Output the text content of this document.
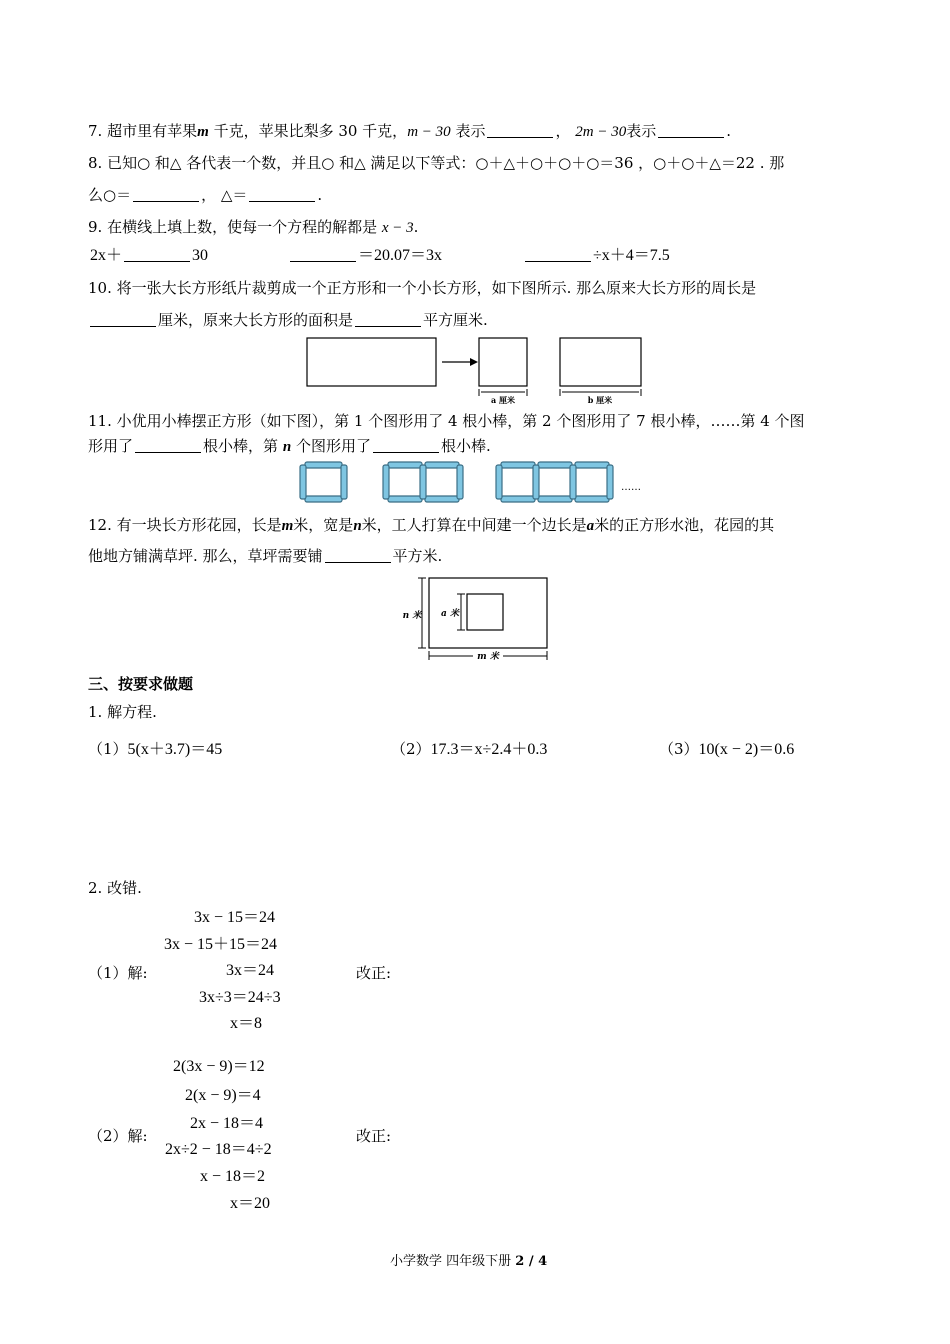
7. 超市里有苹果m 千克，苹果比梨多 30 千克，m − 30 表示	， 2m − 30表示	.
8. 已知○ 和△ 各代表一个数，并且○ 和△ 满足以下等式：○＋△＋○＋○＋○＝36 ，○＋○＋△＝22 . 那
么○＝	， △＝	.
9. 在横线上填上数，使每一个方程的解都是 x − 3.
2x＋	30	＝20.07＝3x	÷x＋4＝7.5
10. 将一张大长方形纸片裁剪成一个正方形和一个小长方形，如下图所示. 那么原来大长方形的周长是
厘米，原来大长方形的面积是	平方厘米.
a 厘米	b 厘米
11. 小优用小棒摆正方形（如下图），第 1 个图形用了 4 根小棒，第 2 个图形用了 7 根小棒，……第 4 个图
形用了	根小棒，第 n 个图形用了	根小棒.
……
12. 有一块长方形花园，长是m米，宽是n米，工人打算在中间建一个边长是a米的正方形水池，花园的其
他地方铺满草坪. 那么，草坪需要铺	平方米.
n 米 a 米
m 米
三、按要求做题
1. 解方程.
（1）5(x＋3.7)＝45	（2）17.3＝x÷2.4＋0.3	（3）10(x − 2)＝0.6
2. 改错.
3x − 15＝24
3x − 15＋15＝24
（1）解:	3x＝24	改正:
3x÷3＝24÷3
x＝8
2(3x − 9)＝12
2(x − 9)＝4
2x − 18＝4
（2）解:	改正:
2x÷2 − 18＝4÷2
x − 18＝2
x＝20
小学数学 四年级下册 2 / 4
